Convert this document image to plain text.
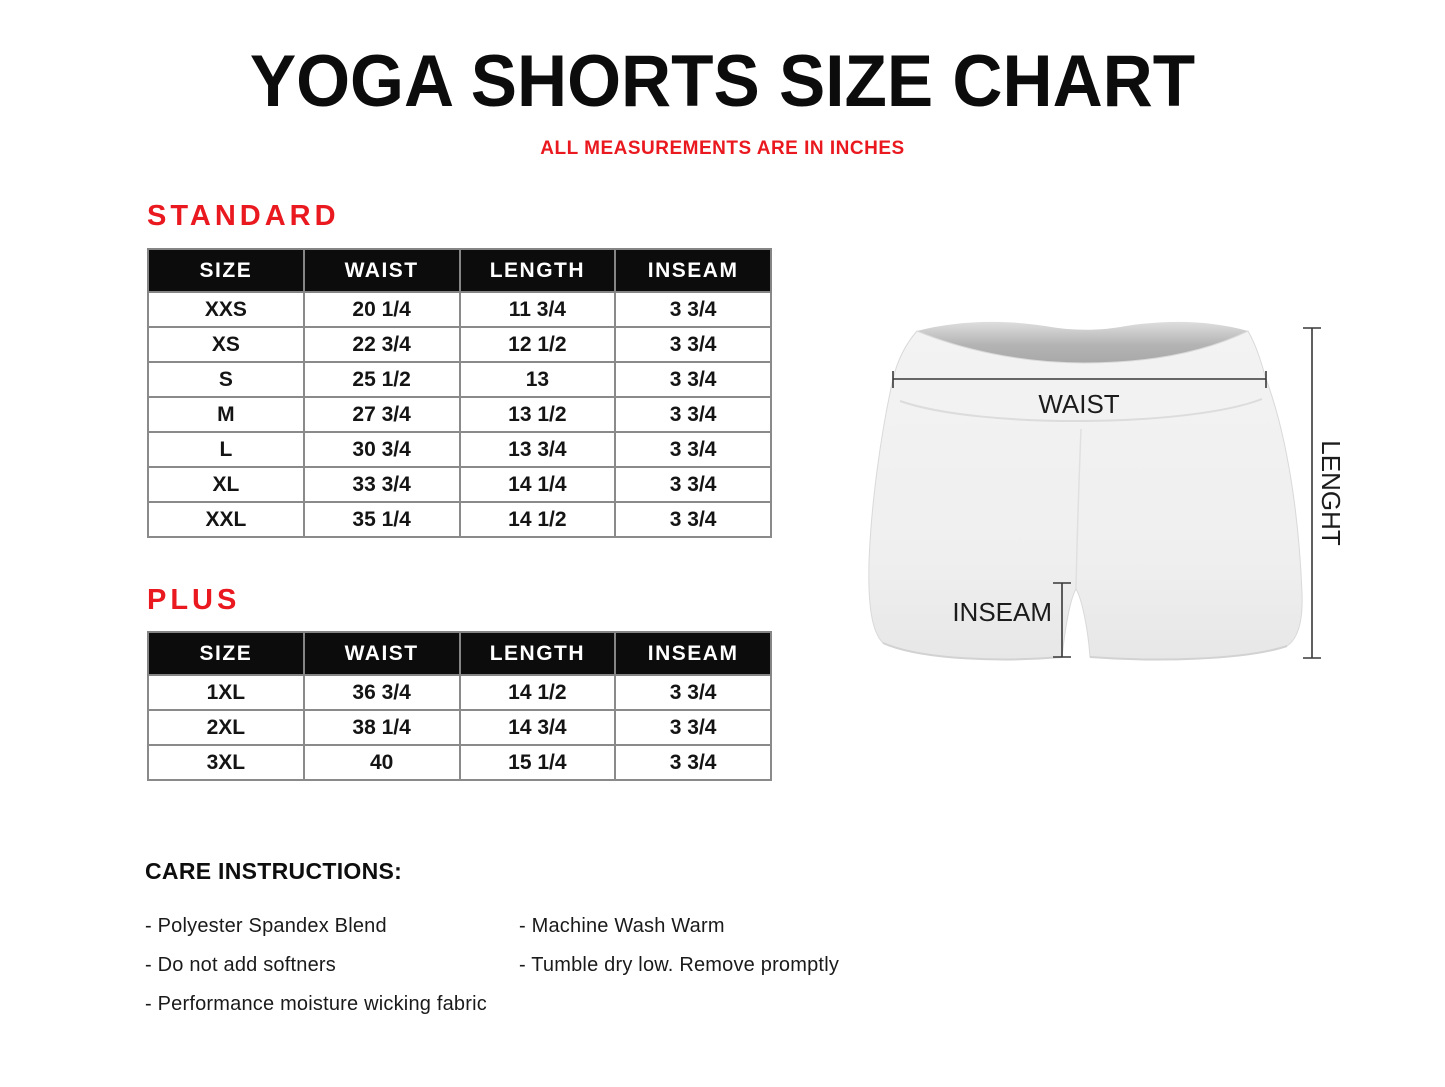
YOGA SHORTS SIZE CHART
ALL MEASUREMENTS ARE IN INCHES
STANDARD
SIZE	WAIST	LENGTH	INSEAM
XXS	20 1/4	11 3/4	3 3/4
XS	22 3/4	12 1/2	3 3/4
S	25 1/2	13	3 3/4
M	27 3/4	13 1/2	3 3/4
L	30 3/4	13 3/4	3 3/4
XL	33 3/4	14 1/4	3 3/4
XXL	35 1/4	14 1/2	3 3/4
PLUS
SIZE	WAIST	LENGTH	INSEAM
1XL	36 3/4	14 1/2	3 3/4
2XL	38 1/4	14 3/4	3 3/4
3XL	40	15 1/4	3 3/4
WAIST
INSEAM
LENGHT
CARE INSTRUCTIONS:
- Polyester Spandex Blend
- Do not add softners
- Performance moisture wicking fabric
- Machine Wash Warm
- Tumble dry low. Remove promptly
